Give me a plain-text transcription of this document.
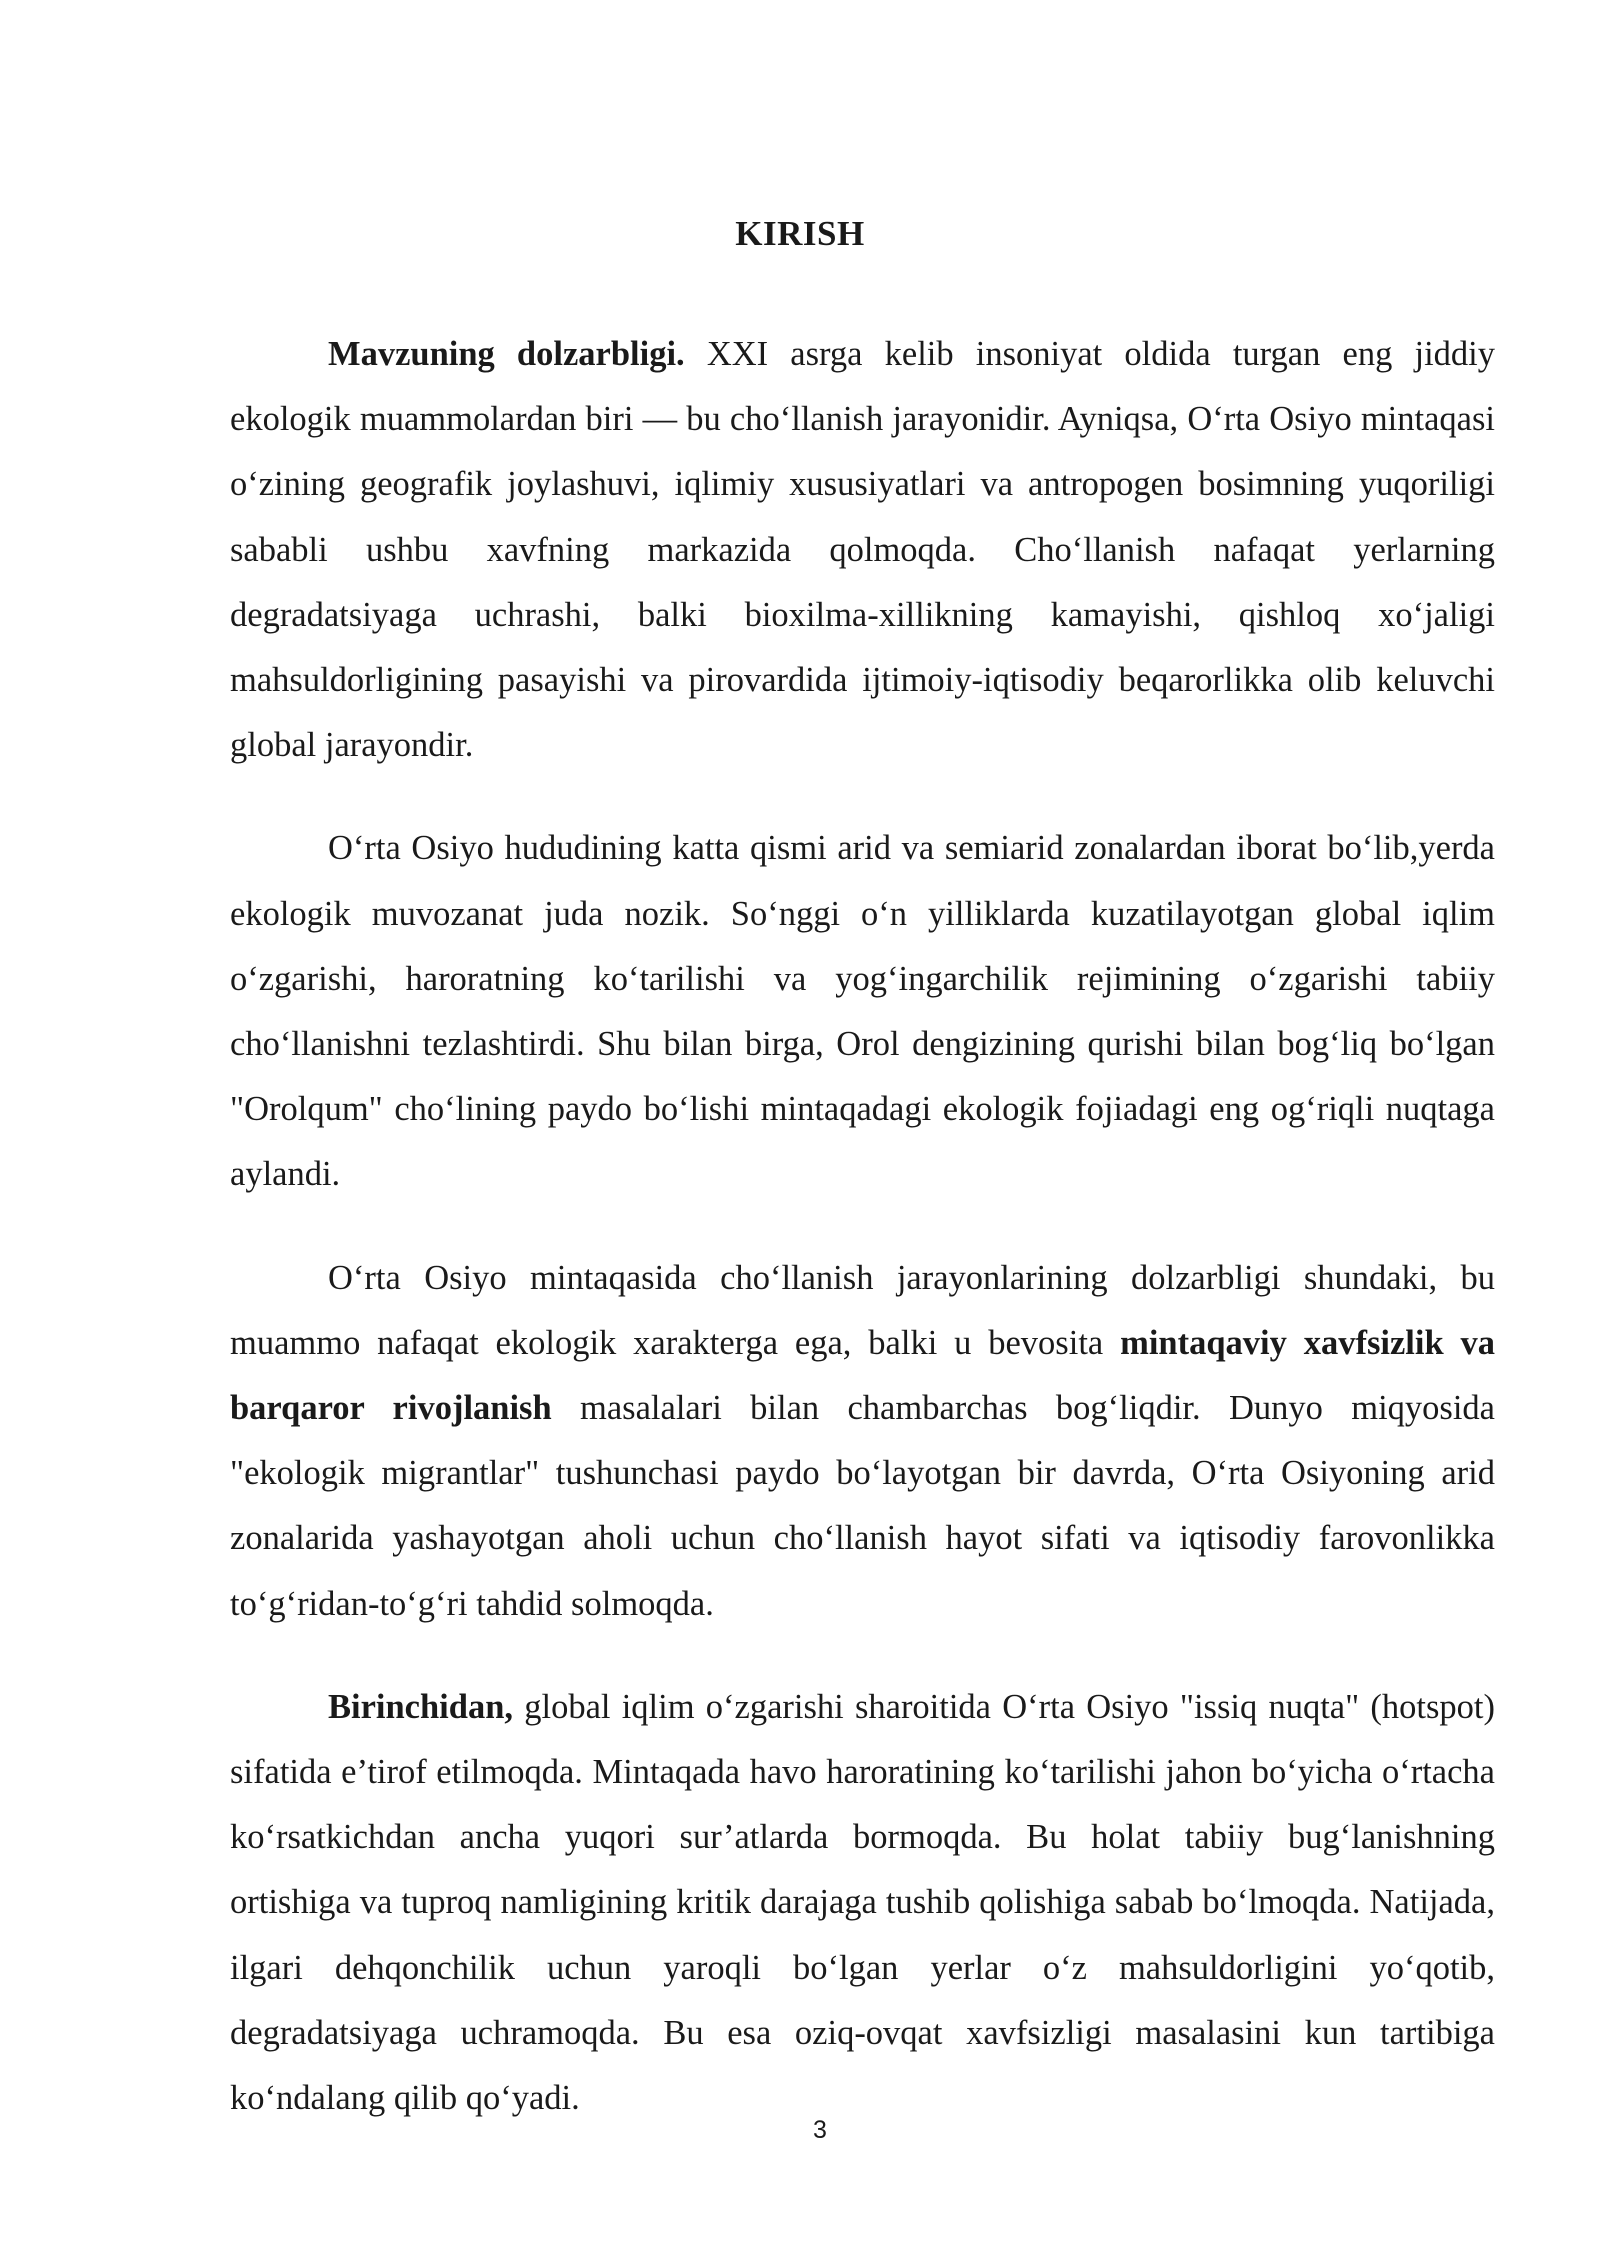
KIRISH

Mavzuning dolzarbligi. XXI asrga kelib insoniyat oldida turgan eng jiddiy ekologik muammolardan biri — bu cho‘llanish jarayonidir. Ayniqsa, O‘rta Osiyo mintaqasi o‘zining geografik joylashuvi, iqlimiy xususiyatlari va antropogen bosimning yuqoriligi sababli ushbu xavfning markazida qolmoqda. Cho‘llanish nafaqat yerlarning degradatsiyaga uchrashi, balki bioxilma-xillikning kamayishi, qishloq xo‘jaligi mahsuldorligining pasayishi va pirovardida ijtimoiy-iqtisodiy beqarorlikka olib keluvchi global jarayondir.

O‘rta Osiyo hududining katta qismi arid va semiarid zonalardan iborat bo‘lib,yerda ekologik muvozanat juda nozik. So‘nggi o‘n yilliklarda kuzatilayotgan global iqlim o‘zgarishi, haroratning ko‘tarilishi va yog‘ingarchilik rejimining o‘zgarishi tabiiy cho‘llanishni tezlashtirdi. Shu bilan birga, Orol dengizining qurishi bilan bog‘liq bo‘lgan "Orolqum" cho‘lining paydo bo‘lishi mintaqadagi ekologik fojiadagi eng og‘riqli nuqtaga aylandi.

O‘rta Osiyo mintaqasida cho‘llanish jarayonlarining dolzarbligi shundaki, bu muammo nafaqat ekologik xarakterga ega, balki u bevosita mintaqaviy xavfsizlik va barqaror rivojlanish masalalari bilan chambarchas bog‘liqdir. Dunyo miqyosida "ekologik migrantlar" tushunchasi paydo bo‘layotgan bir davrda, O‘rta Osiyoning arid zonalarida yashayotgan aholi uchun cho‘llanish hayot sifati va iqtisodiy farovonlikka to‘g‘ridan-to‘g‘ri tahdid solmoqda.

Birinchidan, global iqlim o‘zgarishi sharoitida O‘rta Osiyo "issiq nuqta" (hotspot) sifatida e’tirof etilmoqda. Mintaqada havo haroratining ko‘tarilishi jahon bo‘yicha o‘rtacha ko‘rsatkichdan ancha yuqori sur’atlarda bormoqda. Bu holat tabiiy bug‘lanishning ortishiga va tuproq namligining kritik darajaga tushib qolishiga sabab bo‘lmoqda. Natijada, ilgari dehqonchilik uchun yaroqli bo‘lgan yerlar o‘z mahsuldorligini yo‘qotib, degradatsiyaga uchramoqda. Bu esa oziq-ovqat xavfsizligi masalasini kun tartibiga ko‘ndalang qilib qo‘yadi.

3
